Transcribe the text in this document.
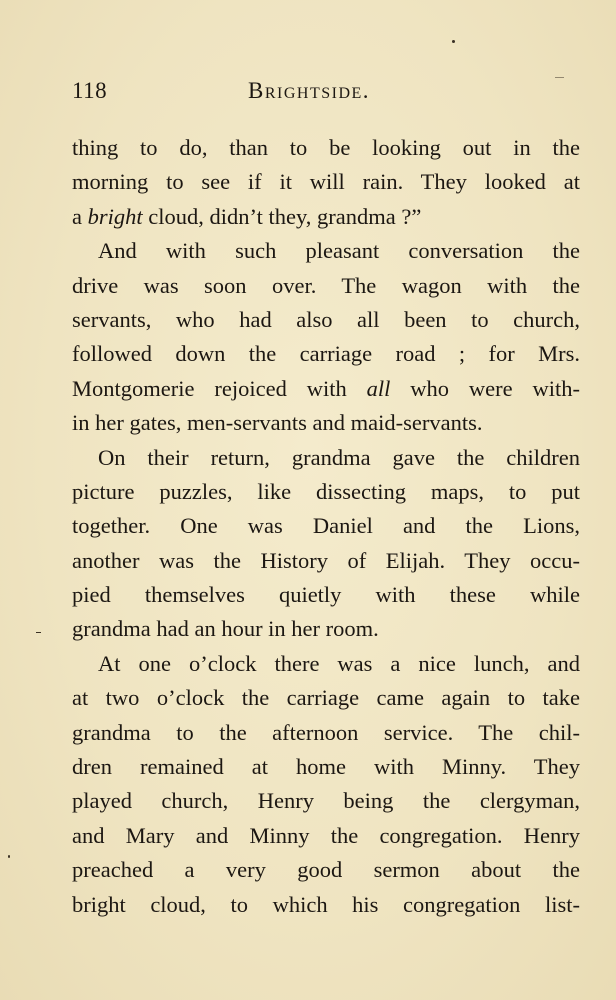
118	Brightside.
thing to do, than to be looking out in the
morning to see if it will rain. They looked at
a bright cloud, didn’t they, grandma ?”
And with such pleasant conversation the
drive was soon over. The wagon with the
servants, who had also all been to church,
followed down the carriage road ; for Mrs.
Montgomerie rejoiced with all who were with-
in her gates, men-servants and maid-servants.
On their return, grandma gave the children
picture puzzles, like dissecting maps, to put
together. One was Daniel and the Lions,
another was the History of Elijah. They occu-
pied themselves quietly with these while
grandma had an hour in her room.
At one o’clock there was a nice lunch, and
at two o’clock the carriage came again to take
grandma to the afternoon service. The chil-
dren remained at home with Minny. They
played church, Henry being the clergyman,
and Mary and Minny the congregation. Henry
preached a very good sermon about the
bright cloud, to which his congregation list-
